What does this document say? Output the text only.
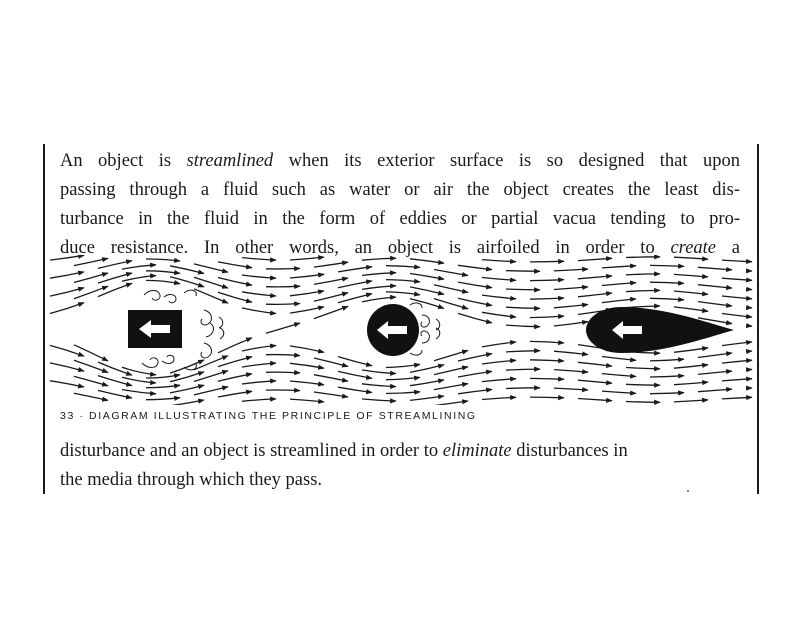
An object is streamlined when its exterior surface is so designed that upon
passing through a fluid such as water or air the object creates the least dis-
turbance in the fluid in the form of eddies or partial vacua tending to pro-
duce resistance. In other words, an object is airfoiled in order to create a

33 · DIAGRAM ILLUSTRATING THE PRINCIPLE OF STREAMLINING

disturbance and an object is streamlined in order to eliminate disturbances in
the media through which they pass.
